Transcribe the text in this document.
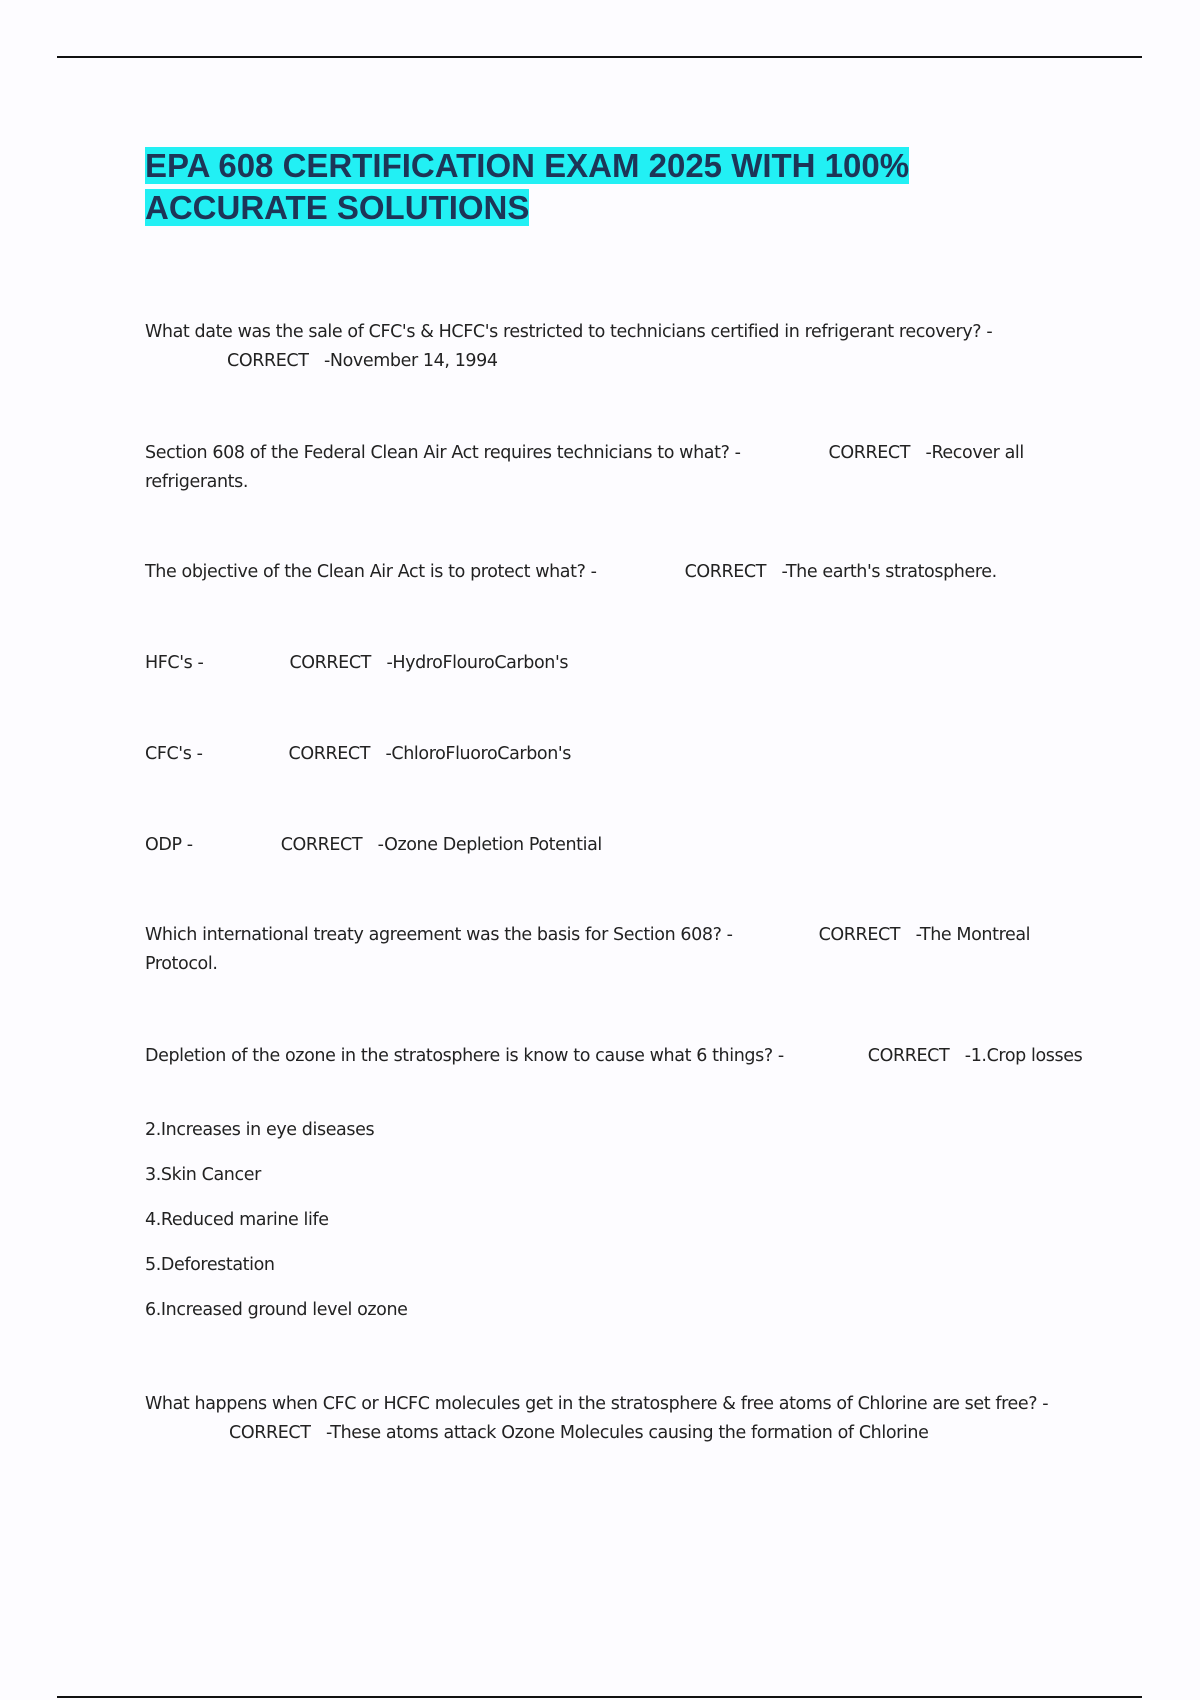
EPA 608 CERTIFICATION EXAM 2025 WITH 100%
ACCURATE SOLUTIONS
What date was the sale of CFC's & HCFC's restricted to technicians certified in refrigerant recovery? -
CORRECT -November 14, 1994
Section 608 of the Federal Clean Air Act requires technicians to what? -	CORRECT -Recover all refrigerants.
The objective of the Clean Air Act is to protect what? -	CORRECT -The earth's stratosphere.
HFC's -	CORRECT -HydroFlouroCarbon's
CFC's -	CORRECT -ChloroFluoroCarbon's
ODP -	CORRECT -Ozone Depletion Potential
Which international treaty agreement was the basis for Section 608? -	CORRECT -The Montreal Protocol.
Depletion of the ozone in the stratosphere is know to cause what 6 things? -	CORRECT -1.Crop losses
2.Increases in eye diseases
3.Skin Cancer
4.Reduced marine life
5.Deforestation
6.Increased ground level ozone
What happens when CFC or HCFC molecules get in the stratosphere & free atoms of Chlorine are set free? -CORRECT -These atoms attack Ozone Molecules causing the formation of Chlorine
